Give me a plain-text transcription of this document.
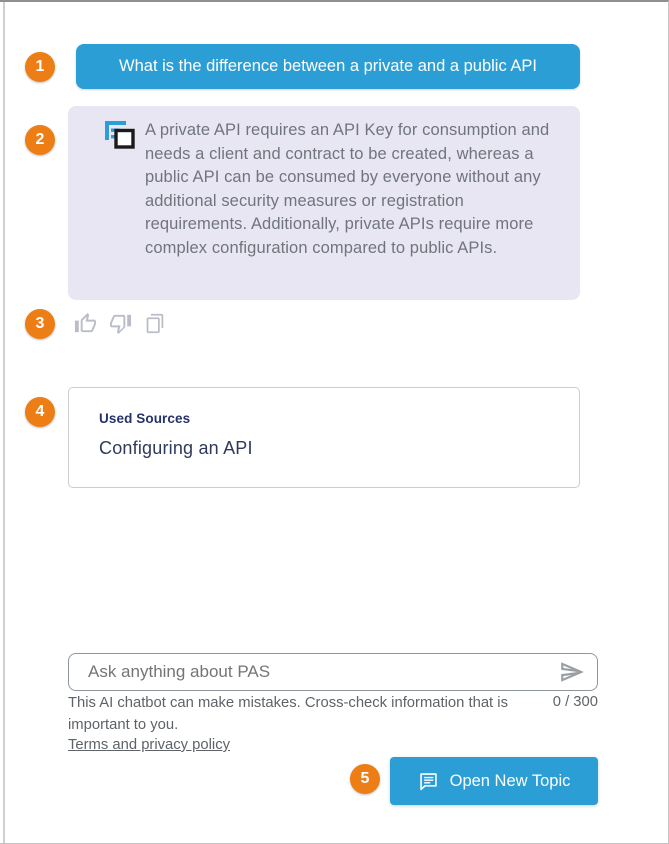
1
2
3
4
5
What is the difference between a private and a public API
A private API requires an API Key for consumption and needs a client and contract to be created, whereas a public API can be consumed by everyone without any additional security measures or registration requirements. Additionally, private APIs require more complex configuration compared to public APIs.
Used Sources
Configuring an API
Ask anything about PAS
This AI chatbot can make mistakes. Cross-check information that is important to you.
0 / 300
Terms and privacy policy
Open New Topic
